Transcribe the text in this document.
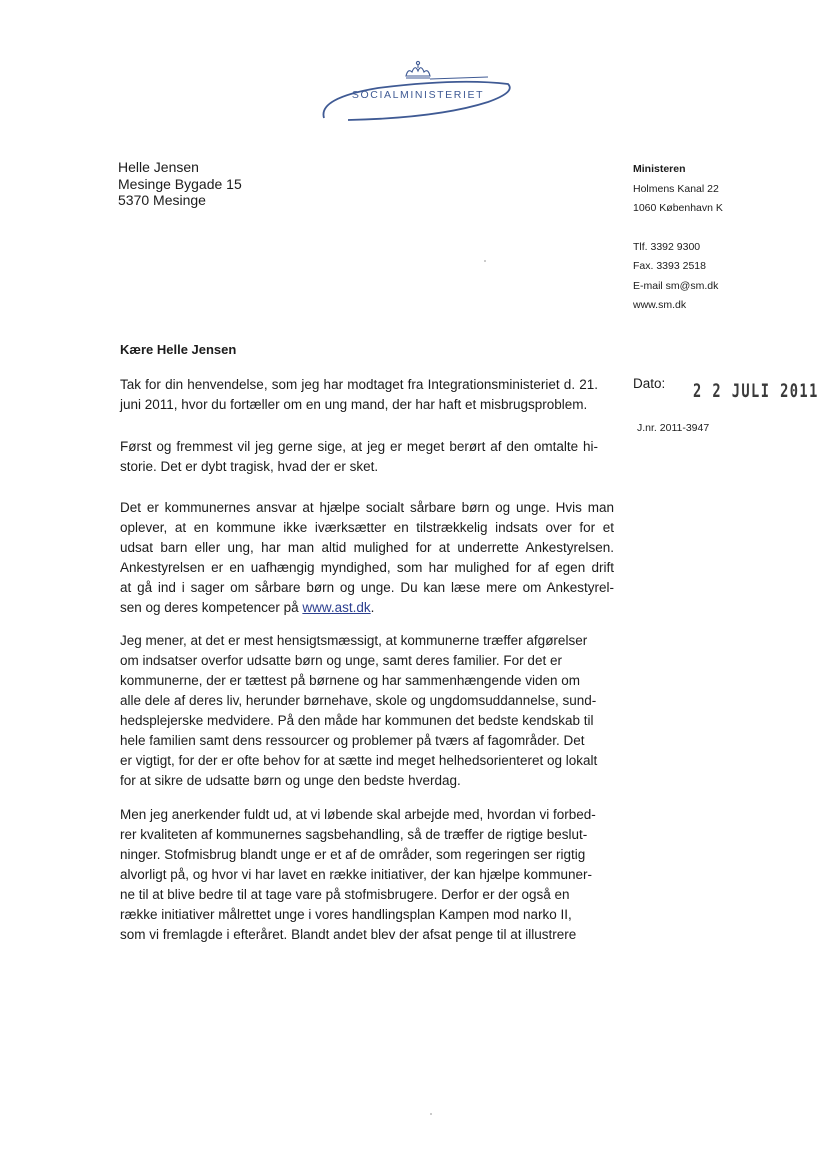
SOCIALMINISTERIET
Helle Jensen
Mesinge Bygade 15
5370 Mesinge
Ministeren
Holmens Kanal 22
1060 København K
Tlf. 3392 9300
Fax. 3393 2518
E-mail sm@sm.dk
www.sm.dk
Kære Helle Jensen
Dato: 2 2 JULI 2011
J.nr. 2011-3947

Tak for din henvendelse, som jeg har modtaget fra Integrationsministeriet d. 21.
juni 2011, hvor du fortæller om en ung mand, der har haft et misbrugsproblem.

Først og fremmest vil jeg gerne sige, at jeg er meget berørt af den omtalte hi-
storie. Det er dybt tragisk, hvad der er sket.

Det er kommunernes ansvar at hjælpe socialt sårbare børn og unge. Hvis man
oplever, at en kommune ikke iværksætter en tilstrækkelig indsats over for et
udsat barn eller ung, har man altid mulighed for at underrette Ankestyrelsen.
Ankestyrelsen er en uafhængig myndighed, som har mulighed for af egen drift
at gå ind i sager om sårbare børn og unge. Du kan læse mere om Ankestyrel-
sen og deres kompetencer på www.ast.dk.

Jeg mener, at det er mest hensigtsmæssigt, at kommunerne træffer afgørelser
om indsatser overfor udsatte børn og unge, samt deres familier. For det er
kommunerne, der er tættest på børnene og har sammenhængende viden om
alle dele af deres liv, herunder børnehave, skole og ungdomsuddannelse, sund-
hedsplejerske medvidere. På den måde har kommunen det bedste kendskab til
hele familien samt dens ressourcer og problemer på tværs af fagområder. Det
er vigtigt, for der er ofte behov for at sætte ind meget helhedsorienteret og lokalt
for at sikre de udsatte børn og unge den bedste hverdag.

Men jeg anerkender fuldt ud, at vi løbende skal arbejde med, hvordan vi forbed-
rer kvaliteten af kommunernes sagsbehandling, så de træffer de rigtige beslut-
ninger. Stofmisbrug blandt unge er et af de områder, som regeringen ser rigtig
alvorligt på, og hvor vi har lavet en række initiativer, der kan hjælpe kommuner-
ne til at blive bedre til at tage vare på stofmisbrugere. Derfor er der også en
række initiativer målrettet unge i vores handlingsplan Kampen mod narko II,
som vi fremlagde i efteråret. Blandt andet blev der afsat penge til at illustrere
